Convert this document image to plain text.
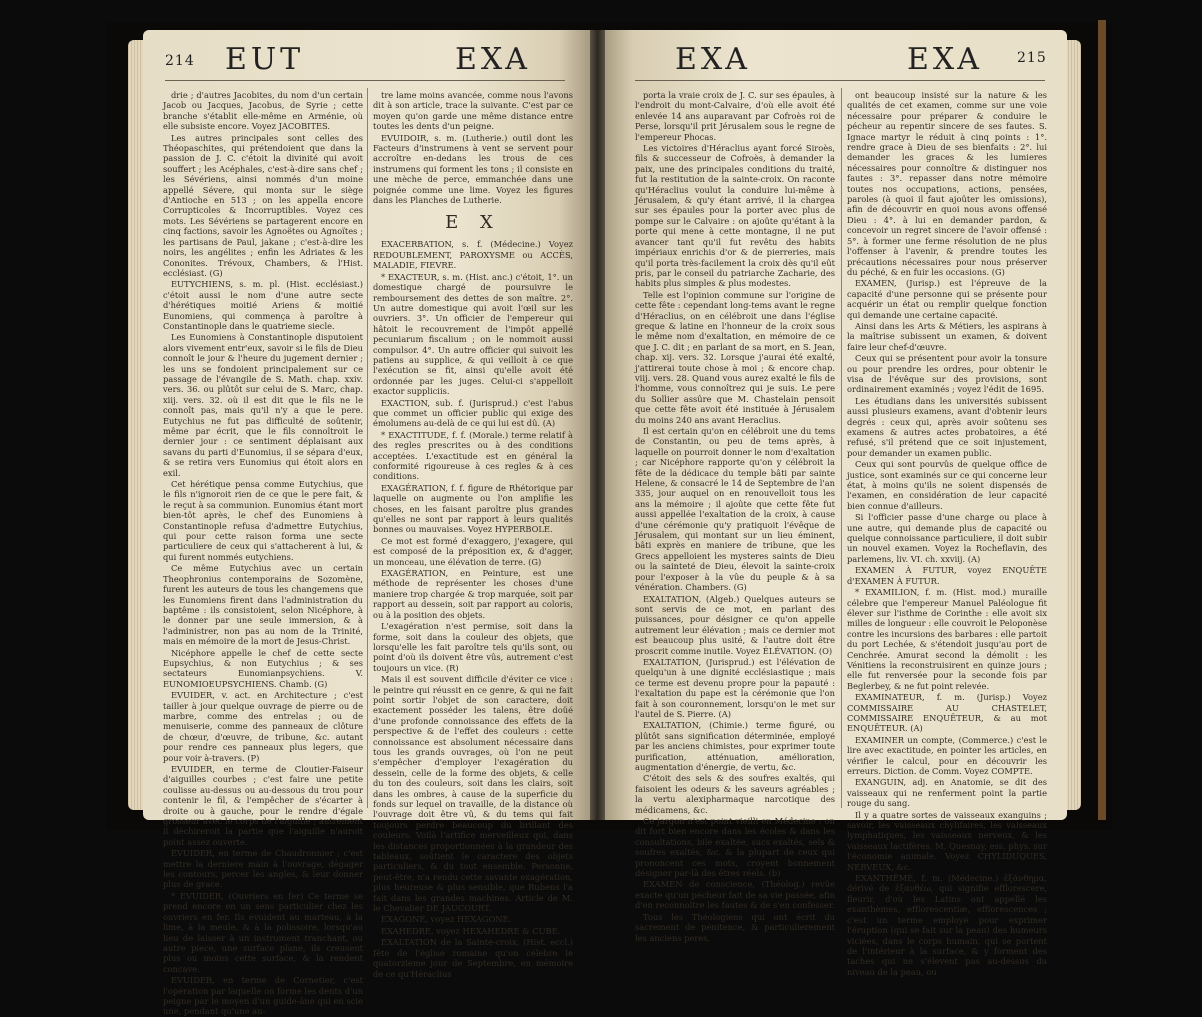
214 EUT	EXA

drie ; d'autres Jacobites, du nom d'un certain Jacob ou Jacques, Jacobus, de Syrie ; cette branche s'établit elle-même en Arménie, où elle subsiste encore. Voyez JACOBITES.

Les autres principales sont celles des Théopaschites, qui prétendoient que dans la passion de J. C. c'étoit la divinité qui avoit souffert ; les Acéphales, c'est-à-dire sans chef ; les Sévériens, ainsi nommés d'un moine appellé Sévere, qui monta sur le siège d'Antioche en 513 ; on les appella encore Corrupticoles & Incorruptibles. Voyez ces mots. Les Sévériens se partagerent encore en cinq factions, savoir les Agnoëtes ou Agnoïtes ; les partisans de Paul, jakane ; c'est-à-dire les noirs, les angélites ; enfin les Adriates & les Cononites. Trévoux, Chambers, & l'Hist. ecclésiast. (G)

EUTYCHIENS, s. m. pl. (Hist. ecclésiast.) c'étoit aussi le nom d'une autre secte d'hérétiques moitié Ariens & moitié Eunomiens, qui commença à paroître à Constantinople dans le quatrieme siecle.

Les Eunomiens à Constantinople disputoient alors vivement entr'eux, savoir si le fils de Dieu connoît le jour & l'heure du jugement dernier ; les uns se fondoient principalement sur ce passage de l'évangile de S. Math. chap. xxiv. vers. 36. ou plûtôt sur celui de S. Marc, chap. xiij. vers. 32. où il est dit que le fils ne le connoît pas, mais qu'il n'y a que le pere. Eutychius ne fut pas difficulté de soûtenir, même par écrit, que le fils connoîtroit le dernier jour : ce sentiment déplaisant aux savans du parti d'Eunomius, il se sépara d'eux, & se retira vers Eunomius qui étoit alors en exil.

Cet hérétique pensa comme Eutychius, que le fils n'ignoroit rien de ce que le pere fait, & le reçut à sa communion. Eunomius étant mort bien-tôt après, le chef des Eunomiens à Constantinople refusa d'admettre Eutychius, qui pour cette raison forma une secte particuliere de ceux qui s'attacherent à lui, & qui furent nommés eutychiens.

Ce même Eutychius avec un certain Theophronius contemporains de Sozomène, furent les auteurs de tous les changemens que les Eunomiens firent dans l'administration du baptême : ils consistoient, selon Nicéphore, à le donner par une seule immersion, & à l'administrer, non pas au nom de la Trinité, mais en mémoire de la mort de Jesus-Christ.

Nicéphore appelle le chef de cette secte Eupsychius, & non Eutychius ; & ses sectateurs Eunomianpsychiens. V. EUNOMIOEUPSYCHIENS. Chamb. (G)

EVUIDER, v. act. en Architecture ; c'est tailler à jour quelque ouvrage de pierre ou de marbre, comme des entrelas ; ou de menuiserie, comme des panneaux de clôture de chœur, d'œuvre, de tribune, &c. autant pour rendre ces panneaux plus legers, que pour voir à-travers. (P)

EVUIDER, en terme de Cloutier-Faiseur d'aiguilles courbes ; c'est faire une petite coulisse au-dessus ou au-dessous du trou pour contenir le fil, & l'empêcher de s'écarter à droite ou à gauche, pour le rendre d'égale grosseur avec le corps de l'aiguille ; autrement il déchireroit la partie que l'aiguille n'auroit point assez ouverte.

EVUIDER, en terme de Chaudronnier ; c'est mettre la derniere main à l'ouvrage, dégager les contours, percer les angles, & leur donner plus de grace.

* EVUIDER, (Ouvriers en fer) Ce terme se prend encore en un sens particulier chez les ouvriers en fer. Ils évuident au marteau, à la lime, à la meule, & à la polissoire, lorsqu'au lieu de laisser à un instrument tranchant, ou autre piece, une surface plane, ils creusent plus ou moins cette surface, & la rendent concave.

EVUIDER, en terme de Cornetier, c'est l'opération par laquelle on forme les dents d'un peigne par le moyen d'un guide-âne qui en scie une, pendant qu'une au-

tre lame moins avancée, comme nous l'avons dit à son article, trace la suivante. C'est par ce moyen qu'on garde une même distance entre toutes les dents d'un peigne.

EVUIDOIR, s. m. (Lutherie.) outil dont les Facteurs d'instrumens à vent se servent pour accroître en-dedans les trous de ces instrumens qui forment les tons ; il consiste en une mèche de perce, emmanchée dans une poignée comme une lime. Voyez les figures dans les Planches de Lutherie.

E X

EXACERBATION, s. f. (Médecine.) Voyez REDOUBLEMENT, PAROXYSME ou ACCÈS, MALADIE, FIEVRE.

* EXACTEUR, s. m. (Hist. anc.) c'étoit, 1°. un domestique chargé de poursuivre le remboursement des dettes de son maître. 2°. Un autre domestique qui avoit l'œil sur les ouvriers. 3°. Un officier de l'empereur qui hâtoit le recouvrement de l'impôt appellé pecuniarum fiscalium ; on le nommoit aussi compulsor. 4°. Un autre officier qui suivoit les patiens au supplice, & qui veilloit à ce que l'exécution se fit, ainsi qu'elle avoit été ordonnée par les juges. Celui-ci s'appelloit exactor suppliciis.

EXACTION, sub. f. (Jurisprud.) c'est l'abus que commet un officier public qui exige des émolumens au-delà de ce qui lui est dû. (A)

* EXACTITUDE, f. f. (Morale.) terme relatif à des regles prescrites ou à des conditions acceptées. L'exactitude est en général la conformité rigoureuse à ces regles & à ces conditions.

EXAGÉRATION, f. f. figure de Rhétorique par laquelle on augmente ou l'on amplifie les choses, en les faisant paroître plus grandes qu'elles ne sont par rapport à leurs qualités bonnes ou mauvaises. Voyez HYPERBOLE.

Ce mot est formé d'exaggero, j'exagere, qui est composé de la préposition ex, & d'agger, un monceau, une élévation de terre. (G)

EXAGÉRATION, en Peinture, est une méthode de représenter les choses d'une maniere trop chargée & trop marquée, soit par rapport au dessein, soit par rapport au coloris, ou à la position des objets.

L'exagération n'est permise, soit dans la forme, soit dans la couleur des objets, que lorsqu'elle les fait paroître tels qu'ils sont, ou point d'où ils doivent être vûs, autrement c'est toujours un vice. (R)

Mais il est souvent difficile d'éviter ce vice : le peintre qui réussit en ce genre, & qui ne fait point sortir l'objet de son caractere, doit exactement posséder les talens, être doüé d'une profonde connoissance des effets de la perspective & de l'effet des couleurs : cette connoissance est absolument nécessaire dans tous les grands ouvrages, où l'on ne peut s'empêcher d'employer l'exagération du dessein, celle de la forme des objets, & celle du ton des couleurs, soit dans les clairs, soit dans les ombres, à cause de la superficie du fonds sur lequel on travaille, de la distance où l'ouvrage doit être vû, & du tems qui fait toujours perdre beaucoup du brillant des couleurs. Voilà l'artifice merveilleux qui, dans les distances proportionnées à la grandeur des tableaux, soûtient le caractere des objets particuliers, & du tout ensemble. Personne, peut-être, n'a rendu cette savante exagération, plus heureuse & plus sensible, que Rubens l'a fait dans les grandes machines. Article de M. le Chevalier DE JAUCOURT.

EXAGONE, voyez HEXAGONE.

EXAHEDRE, voyez HEXAHEDRE & CUBE.

EXALTATION de la Sainte-croix, (Hist. eccl.) fête de l'église romaine qu'on célebre le quatorzieme jour de Septembre, en mémoire de ce qu'Héraclius

EXA	EXA 215

porta la vraie croix de J. C. sur ses épaules, à l'endroit du mont-Calvaire, d'où elle avoit été enlevée 14 ans auparavant par Cofroès roi de Perse, lorsqu'il prit Jérusalem sous le regne de l'empereur Phocas.

Les victoires d'Héraclius ayant forcé Siroès, fils & successeur de Cofroès, à demander la paix, une des principales conditions du traité, fut la restitution de la sainte-croix. On raconte qu'Héraclius voulut la conduire lui-même à Jérusalem, & qu'y étant arrivé, il la chargea sur ses épaules pour la porter avec plus de pompe sur le Calvaire : on ajoûte qu'étant à la porte qui mene à cette montagne, il ne put avancer tant qu'il fut revêtu des habits impériaux enrichis d'or & de pierreries, mais qu'il porta très-facilement la croix dès qu'il eût pris, par le conseil du patriarche Zacharie, des habits plus simples & plus modestes.

Telle est l'opinion commune sur l'origine de cette fête : cependant long-tems avant le regne d'Héraclius, on en célébroit une dans l'église greque & latine en l'honneur de la croix sous le même nom d'exaltation, en mémoire de ce que J. C. dit ; en parlant de sa mort, en S. Jean, chap. xij. vers. 32. Lorsque j'aurai été exalté, j'attirerai toute chose à moi ; & encore chap. viij. vers. 28. Quand vous aurez exalté le fils de l'homme, vous connoîtrez qui je suis. Le pere du Sollier assûre que M. Chastelain pensoit que cette fête avoit été instituée à Jérusalem du moins 240 ans avant Heraclius.

Il est certain qu'on en célébroit une du tems de Constantin, ou peu de tems après, à laquelle on pourroit donner le nom d'exaltation ; car Nicéphore rapporte qu'on y célébroit la fête de la dédicace du temple bâti par sainte Helene, & consacré le 14 de Septembre de l'an 335, jour auquel on en renouvelloit tous les ans la mémoire ; il ajoûte que cette fête fut aussi appellée l'exaltation de la croix, à cause d'une cérémonie qu'y pratiquoit l'évêque de Jérusalem, qui montant sur un lieu éminent, bâti exprès en maniere de tribune, que les Grecs appelloient les mysteres saints de Dieu ou la sainteté de Dieu, élevoit la sainte-croix pour l'exposer à la vûe du peuple & à sa vénération. Chambers. (G)

EXALTATION, (Algeb.) Quelques auteurs se sont servis de ce mot, en parlant des puissances, pour désigner ce qu'on appelle autrement leur élévation ; mais ce dernier mot est beaucoup plus usité, & l'autre doit être proscrit comme inutile. Voyez ÉLÉVATION. (O)

EXALTATION, (Jurisprud.) est l'élévation de quelqu'un à une dignité ecclésiastique ; mais ce terme est devenu propre pour la papauté : l'exaltation du pape est la cérémonie que l'on fait à son couronnement, lorsqu'on le met sur l'autel de S. Pierre. (A)

EXALTATION, (Chimie.) terme figuré, ou plûtôt sans signification déterminée, employé par les anciens chimistes, pour exprimer toute purification, atténuation, amélioration, augmentation d'énergie, de vertu, &c.

C'étoit des sels & des soufres exaltés, qui faisoient les odeurs & les saveurs agréables ; la vertu alexipharmaque narcotique des médicamens, &c.

Ce jargon n'est point vieilli en Médecine : on dit fort bien encore dans les écoles & dans les consultations, bile exaltée, sucs exaltés, sels & soufres exaltés, &c. & la plupart de ceux qui prononcent ces mots, croyent bonnement désigner par-là des êtres réels. (b)

EXAMEN de conscience, (Théolog.) revûe exacte qu'un pécheur fait de sa vie passée, afin d'en reconnoître les fautes & de s'en confesser.

Tous les Théologiens qui ont écrit du sacrement de pénitence, & particulierement les anciens peres,

ont beaucoup insisté sur la nature & les qualités de cet examen, comme sur une voie nécessaire pour préparer & conduire le pécheur au repentir sincere de ses fautes. S. Ignace martyr le réduit à cinq points : 1°. rendre grace à Dieu de ses bienfaits : 2°. lui demander les graces & les lumieres nécessaires pour connoître & distinguer nos fautes : 3°. repasser dans notre mémoire toutes nos occupations, actions, pensées, paroles (à quoi il faut ajoûter les omissions), afin de découvrir en quoi nous avons offensé Dieu : 4°. à lui en demander pardon, & concevoir un regret sincere de l'avoir offensé : 5°. à former une ferme résolution de ne plus l'offenser à l'avenir, & prendre toutes les précautions nécessaires pour nous préserver du péché, & en fuir les occasions. (G)

EXAMEN, (Jurisp.) est l'épreuve de la capacité d'une personne qui se présente pour acquérir un état ou remplir quelque fonction qui demande une certaine capacité.

Ainsi dans les Arts & Métiers, les aspirans à la maîtrise subissent un examen, & doivent faire leur chef-d'œuvre.

Ceux qui se présentent pour avoir la tonsure ou pour prendre les ordres, pour obtenir le visa de l'évêque sur des provisions, sont ordinairement examinés ; voyez l'édit de 1695.

Les étudians dans les universités subissent aussi plusieurs examens, avant d'obtenir leurs degrés : ceux qui, après avoir soûtenu ses examens & autres actes probatoires, a été refusé, s'il prétend que ce soit injustement, pour demander un examen public.

Ceux qui sont pourvûs de quelque office de justice, sont examinés sur ce qui concerne leur état, à moins qu'ils ne soient dispensés de l'examen, en considération de leur capacité bien connue d'ailleurs.

Si l'officier passe d'une charge ou place à une autre, qui demande plus de capacité ou quelque connoissance particuliere, il doit subir un nouvel examen. Voyez la Rocheflavin, des parlemens, liv. VI. ch. xxviij. (A)

EXAMEN À FUTUR, voyez ENQUÊTE d'EXAMEN À FUTUR.

* EXAMILION, f. m. (Hist. mod.) muraille célebre que l'empereur Manuel Paléologue fit élever sur l'isthme de Corinthe : elle avoit six milles de longueur : elle couvroit le Peloponèse contre les incursions des barbares : elle partoit du port Lechée, & s'étendoit jusqu'au port de Cenchrée. Amurat second la démolit : les Vénitiens la reconstruisirent en quinze jours ; elle fut renversée pour la seconde fois par Beglerbey, & ne fut point relevée.

EXAMINATEUR, f. m. (Jurisp.) Voyez COMMISSAIRE AU CHASTELET, COMMISSAIRE ENQUÊTEUR, & au mot ENQUÊTEUR. (A)

EXAMINER un compte, (Commerce.) c'est le lire avec exactitude, en pointer les articles, en vérifier le calcul, pour en découvrir les erreurs. Diction. de Comm. Voyez COMPTE.

EXANGUIN, adj. en Anatomie, se dit des vaisseaux qui ne renferment point la partie rouge du sang.

Il y a quatre sortes de vaisseaux exanguins ; savoir, les vaisseaux chylifaires, les vaisseaux lymphatiques, les vaisseaux nerveux, & les vaisseaux lactifères. M. Quesnay, ess. phys. sur l'économie animale. Voyez CHYLIDUQUES, NERVEUX, &c.

EXANTHÊME, f. m. (Médecine.) ἐξάνθημα, dérivé de ἐξανθέω, qui signifie efflorescere, fleurir, d'où les Latins ont appellé les exanthèmes, efflorescentiæ, efflorescences ; c'est un terme employé pour exprimer l'éruption (qui se fait sur la peau) des humeurs viciées, dans le corps humain, qui se portent de l'intérieur à la surface, & y forment des taches qui ne s'élevent pas au-dessus du niveau de la peau, ou
